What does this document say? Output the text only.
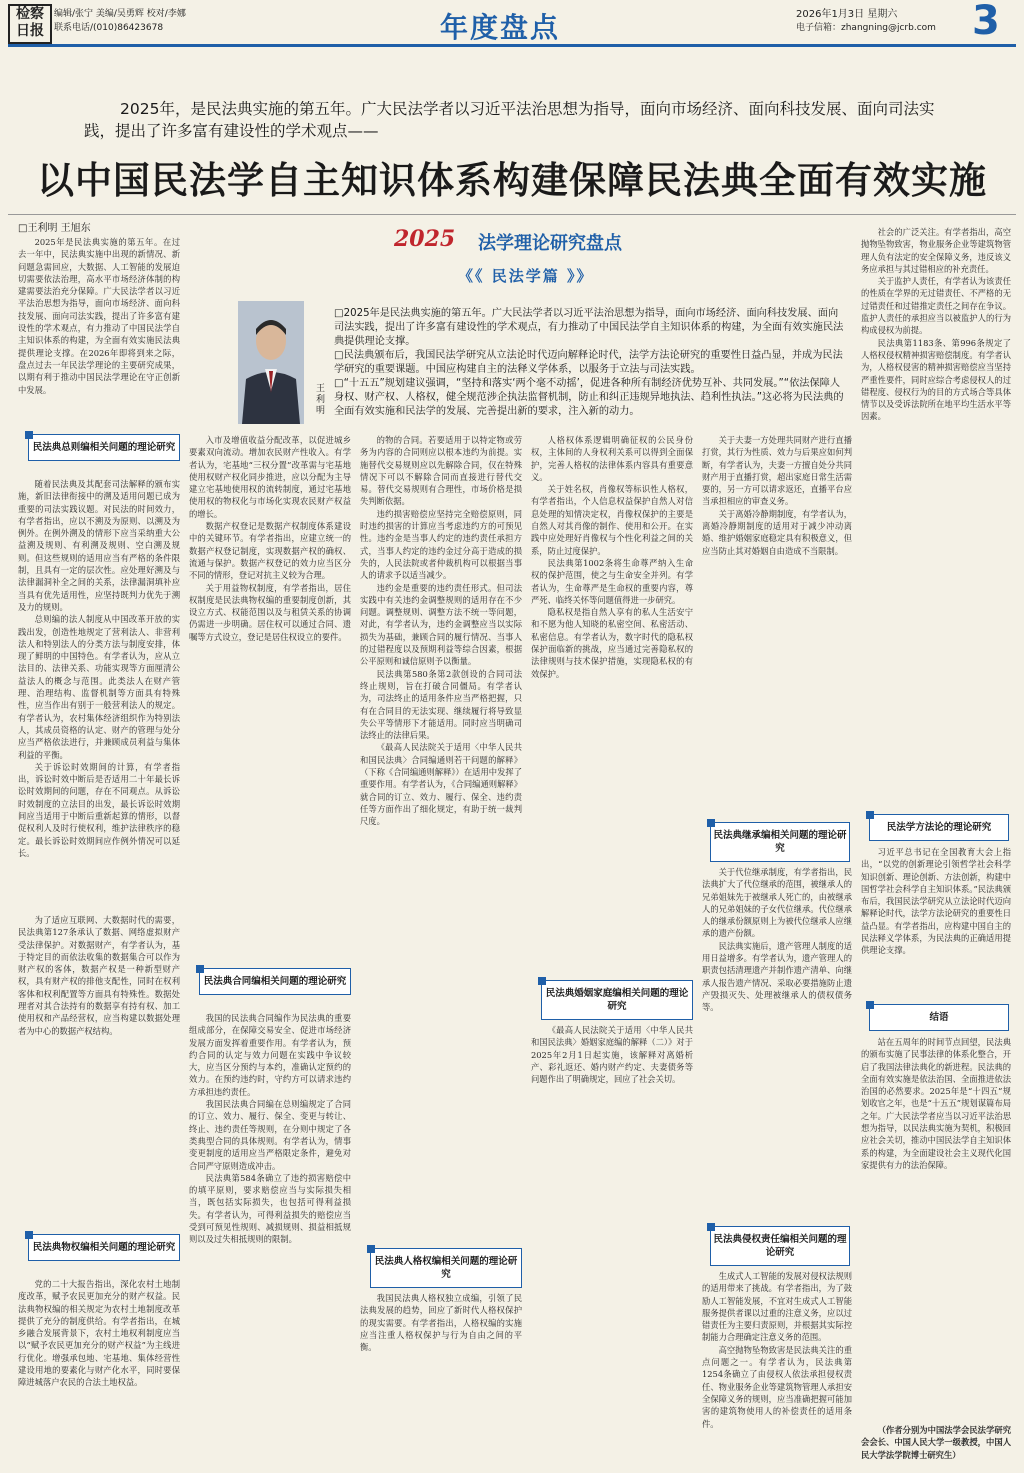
检察日报
编辑/张宁 美编/吴勇辉 校对/李娜
联系电话/(010)86423678	年度盘点	2026年1月3日 星期六
电子信箱：zhangning@jcrb.com 3
2025年，是民法典实施的第五年。广大民法学者以习近平法治思想为指导，面向市场经济、面向科技发展、面向司法实践，提出了许多富有建设性的学术观点——
以中国民法学自主知识体系构建保障民法典全面有效实施
□王利明 王旭东	2025 法学理论研究盘点
《《 民法学篇 》》
王利明

□2025年是民法典实施的第五年。广大民法学者以习近平法治思想为指导，面向市场经济、面向科技发展、面向司法实践，提出了许多富有建设性的学术观点，有力推动了中国民法学自主知识体系的构建，为全面有效实施民法典提供理论支撑。

□民法典颁布后，我国民法学研究从立法论时代迈向解释论时代，法学方法论研究的重要性日益凸显，并成为民法学研究的重要课题。中国应构建自主的法释义学体系，以服务于立法与司法实践。

□“十五五”规划建议强调，“坚持和落实‘两个毫不动摇’，促进各种所有制经济优势互补、共同发展。”“依法保障人身权、财产权、人格权，健全规范涉企执法监督机制，防止和纠正违规异地执法、趋利性执法。”这必将为民法典的全面有效实施和民法学的发展、完善提出新的要求，注入新的动力。

2025年是民法典实施的第五年。在过去一年中，民法典实施中出现的新情况、新问题急需回应，大数据、人工智能的发展迫切需要依法治理，高水平市场经济体制的构建需要法治充分保障。广大民法学者以习近平法治思想为指导，面向市场经济、面向科技发展、面向司法实践，提出了许多富有建设性的学术观点，有力推动了中国民法学自主知识体系的构建，为全面有效实施民法典提供理论支撑。在2026年即将到来之际，盘点过去一年民法学理论的主要研究成果，以期有利于推动中国民法学理论在守正创新中发展。

民法典总则编相关问题的理论研究

随着民法典及其配套司法解释的颁布实施，新旧法律衔接中的溯及适用问题已成为重要的司法实践议题。对民法的时间效力，有学者指出，应以不溯及为原则、以溯及为例外。在例外溯及的情形下应当采纳重大公益溯及规则、有利溯及规则、空白溯及规则。但这些规则的适用应当有严格的条件限制，且具有一定的层次性。应处理好溯及与法律漏洞补全之间的关系，法律漏洞填补应当具有优先适用性，应坚持既判力优先于溯及力的规则。

总则编的法人制度从中国改革开放的实践出发，创造性地规定了营利法人、非营利法人和特别法人的分类方法与制度安排，体现了鲜明的中国特色。有学者认为，应从立法目的、法律关系、功能实现等方面厘清公益法人的概念与范围。此类法人在财产管理、治理结构、监督机制等方面具有特殊性，应当作出有别于一般营利法人的规定。有学者认为，农村集体经济组织作为特别法人，其成员资格的认定、财产的管理与处分应当严格依法进行，并兼顾成员利益与集体利益的平衡。

关于诉讼时效期间的计算，有学者指出，诉讼时效中断后是否适用二十年最长诉讼时效期间的问题，存在不同观点。从诉讼时效制度的立法目的出发，最长诉讼时效期间应当适用于中断后重新起算的情形，以督促权利人及时行使权利，维护法律秩序的稳定。最长诉讼时效期间应作例外情况可以延长。

为了适应互联网、大数据时代的需要，民法典第127条承认了数据、网络虚拟财产受法律保护。对数据财产，有学者认为，基于特定目的而依法收集的数据集合可以作为财产权的客体，数据产权是一种新型财产权，具有财产权的排他支配性，同时在权利客体和权利配置等方面具有特殊性。数据处理者对其合法持有的数据享有持有权、加工使用权和产品经营权，应当构建以数据处理者为中心的数据产权结构。

民法典物权编相关问题的理论研究

党的二十大报告指出，深化农村土地制度改革，赋予农民更加充分的财产权益。民法典物权编的相关规定为农村土地制度改革提供了充分的制度供给。有学者指出，在城乡融合发展背景下，农村土地权利制度应当以“赋予农民更加充分的财产权益”为主线进行优化。增强承包地、宅基地、集体经营性建设用地的要素化与财产化水平，同时要保障进城落户农民的合法土地权益。

入市及增值收益分配改革，以促进城乡要素双向流动。增加农民财产性收入。有学者认为，宅基地“三权分置”改革需与宅基地使用权财产权化同步推进，应以分配为主导建立宅基地使用权的流转制度，通过宅基地使用权的物权化与市场化实现农民财产权益的增长。

数据产权登记是数据产权制度体系建设中的关键环节。有学者指出，应建立统一的数据产权登记制度，实现数据产权的确权、流通与保护。数据产权登记的效力应当区分不同的情形，登记对抗主义较为合理。

关于用益物权制度，有学者指出，居住权制度是民法典物权编的重要制度创新，其设立方式、权能范围以及与租赁关系的协调仍需进一步明确。居住权可以通过合同、遗嘱等方式设立，登记是居住权设立的要件。

民法典合同编相关问题的理论研究

我国的民法典合同编作为民法典的重要组成部分，在保障交易安全、促进市场经济发展方面发挥着重要作用。有学者认为，预约合同的认定与效力问题在实践中争议较大，应当区分预约与本约，准确认定预约的效力。在预约违约时，守约方可以请求违约方承担违约责任。

我国民法典合同编在总则编规定了合同的订立、效力、履行、保全、变更与转让、终止、违约责任等规则，在分则中规定了各类典型合同的具体规则。有学者认为，情事变更制度的适用应当严格限定条件，避免对合同严守原则造成冲击。

民法典第584条确立了违约损害赔偿中的填平原则，要求赔偿应当与实际损失相当，既包括实际损失，也包括可得利益损失。有学者认为，可得利益损失的赔偿应当受到可预见性规则、减损规则、损益相抵规则以及过失相抵规则的限制。

的物的合同。若要适用于以特定物或劳务为内容的合同则应以根本违约为前提。实施替代交易规则应以先解除合同，仅在特殊情况下可以不解除合同而直接进行替代交易。替代交易规则有合理性，市场价格是损失判断依据。

违约损害赔偿应坚持完全赔偿原则，同时违约损害的计算应当考虑违约方的可预见性。违约金是当事人约定的违约责任承担方式，当事人约定的违约金过分高于造成的损失的，人民法院或者仲裁机构可以根据当事人的请求予以适当减少。

违约金是重要的违约责任形式。但司法实践中有关违约金调整规则的适用存在不少问题。调整规则、调整方法不统一等问题，对此，有学者认为，违约金调整应当以实际损失为基础，兼顾合同的履行情况、当事人的过错程度以及预期利益等综合因素，根据公平原则和诚信原则予以衡量。

民法典第580条第2款创设的合同司法终止规则，旨在打破合同僵局。有学者认为，司法终止的适用条件应当严格把握，只有在合同目的无法实现、继续履行将导致显失公平等情形下才能适用。同时应当明确司法终止的法律后果。

《最高人民法院关于适用〈中华人民共和国民法典〉合同编通则若干问题的解释》（下称《合同编通则解释》）在适用中发挥了重要作用。有学者认为，《合同编通则解释》就合同的订立、效力、履行、保全、违约责任等方面作出了细化规定，有助于统一裁判尺度。

民法典人格权编相关问题的理论研究

我国民法典人格权独立成编，引领了民法典发展的趋势，回应了新时代人格权保护的现实需要。有学者指出，人格权编的实施应当注重人格权保护与行为自由之间的平衡。

人格权体系逻辑明确征权的公民身份权，主体间的人身权利关系可以得到全面保护，完善人格权的法律体系内容具有重要意义。

关于姓名权，肖像权等标识性人格权，有学者指出，个人信息权益保护自然人对信息处理的知情决定权，肖像权保护的主要是自然人对其肖像的制作、使用和公开。在实践中应处理好肖像权与个性化利益之间的关系，防止过度保护。

民法典第1002条将生命尊严纳入生命权的保护范围，使之与生命安全并列。有学者认为，生命尊严是生命权的重要内容，尊严死、临终关怀等问题值得进一步研究。

隐私权是指自然人享有的私人生活安宁和不愿为他人知晓的私密空间、私密活动、私密信息。有学者认为，数字时代的隐私权保护面临新的挑战，应当通过完善隐私权的法律规则与技术保护措施，实现隐私权的有效保护。

民法典婚姻家庭编相关问题的理论研究

《最高人民法院关于适用〈中华人民共和国民法典〉婚姻家庭编的解释（二）》对于2025年2月1日起实施，该解释对离婚析产、彩礼返还、婚内财产约定、夫妻债务等问题作出了明确规定，回应了社会关切。

关于夫妻一方处理共同财产进行直播打赏，其行为性质、效力与后果应如何判断，有学者认为，夫妻一方擅自处分共同财产用于直播打赏，超出家庭日常生活需要的，另一方可以请求返还，直播平台应当承担相应的审查义务。

关于离婚冷静期制度，有学者认为，离婚冷静期制度的适用对于减少冲动离婚、维护婚姻家庭稳定具有积极意义，但应当防止其对婚姻自由造成不当限制。

民法典继承编相关问题的理论研究

关于代位继承制度，有学者指出，民法典扩大了代位继承的范围，被继承人的兄弟姐妹先于被继承人死亡的，由被继承人的兄弟姐妹的子女代位继承。代位继承人的继承份额原则上为被代位继承人应继承的遗产份额。

民法典实施后，遗产管理人制度的适用日益增多。有学者认为，遗产管理人的职责包括清理遗产并制作遗产清单、向继承人报告遗产情况、采取必要措施防止遗产毁损灭失、处理被继承人的债权债务等。

民法典侵权责任编相关问题的理论研究

生成式人工智能的发展对侵权法规则的适用带来了挑战。有学者指出，为了鼓励人工智能发展，不宜对生成式人工智能服务提供者课以过重的注意义务，应以过错责任为主要归责原则，并根据其实际控制能力合理确定注意义务的范围。

高空抛物坠物致害是民法典关注的重点问题之一。有学者认为，民法典第1254条确立了由侵权人依法承担侵权责任、物业服务企业等建筑物管理人承担安全保障义务的规则，应当准确把握可能加害的建筑物使用人的补偿责任的适用条件。

社会的广泛关注。有学者指出，高空抛物坠物致害，物业服务企业等建筑物管理人负有法定的安全保障义务，违反该义务应承担与其过错相应的补充责任。

关于监护人责任，有学者认为该责任的性质在学界的无过错责任、不严格的无过错责任和过错推定责任之间存在争议。监护人责任的承担应当以被监护人的行为构成侵权为前提。

民法典第1183条、第996条规定了人格权侵权精神损害赔偿制度。有学者认为，人格权侵害的精神损害赔偿应当坚持严重性要件，同时应综合考虑侵权人的过错程度、侵权行为的目的方式场合等具体情节以及受诉法院所在地平均生活水平等因素。

民法学方法论的理论研究

习近平总书记在全国教育大会上指出，“以党的创新理论引领哲学社会科学知识创新、理论创新、方法创新，构建中国哲学社会科学自主知识体系。”民法典颁布后，我国民法学研究从立法论时代迈向解释论时代，法学方法论研究的重要性日益凸显。有学者指出，应构建中国自主的民法释义学体系，为民法典的正确适用提供理论支撑。

结语

站在五周年的时间节点回望，民法典的颁布实施了民事法律的体系化整合，开启了我国法律法典化的新进程。民法典的全面有效实施是依法治国、全面推进依法治国的必然要求。2025年是“十四五”规划收官之年，也是“十五五”规划谋篇布局之年。广大民法学者应当以习近平法治思想为指导，以民法典实施为契机，积极回应社会关切，推动中国民法学自主知识体系的构建，为全面建设社会主义现代化国家提供有力的法治保障。

（作者分别为中国法学会民法学研究会会长、中国人民大学一级教授，中国人民大学法学院博士研究生）
